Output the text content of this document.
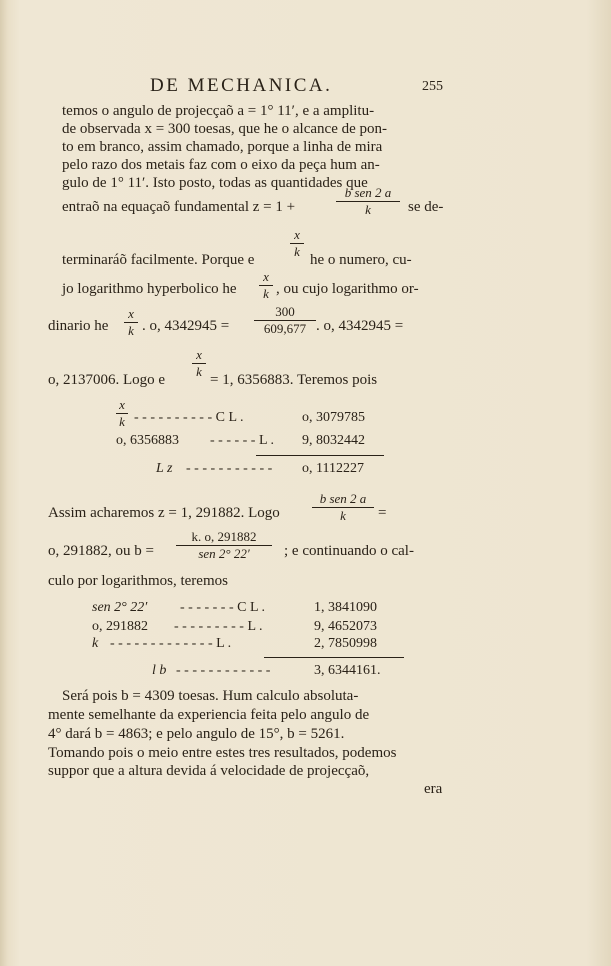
DE MECHANICA.	255
temos o angulo de projecçaõ a = 1° 11′, e a amplitu-
de observada x = 300 toesas, que he o alcance de pon-
to em branco, assim chamado, porque a linha de mira
pelo razo dos metais faz com o eixo da peça hum an-
gulo de 1° 11′. Isto posto, todas as quantidades que
entraõ na equaçaõ fundamental z = 1 +
b sen 2 a
k	se de-
x
k
terminaráõ facilmente. Porque e	he o numero, cu-
jo logarithmo hyperbolico he
x
k , ou cujo logarithmo or-
dinario he
x
k . o, 4342945 =
300
609,677 . o, 4342945 =
x
k
o, 2137006. Logo e	= 1, 6356883. Teremos pois
x
k - - - - - - - - - - C L .	o, 3079785
o, 6356883 - - - - - - L . 9, 8032442
L z - - - - - - - - - - - o, 1112227
Assim acharemos z = 1, 291882. Logo
b sen 2 a
k	=
o, 291882, ou b =
k. o, 291882
sen 2° 22′	; e continuando o cal-
culo por logarithmos, teremos
sen 2° 22′ - - - - - - - C L .	1, 3841090
o, 291882 - - - - - - - - - L .	9, 4652073
k - - - - - - - - - - - - - L .	2, 7850998
l b - - - - - - - - - - - -	3, 6344161.
Será pois b = 4309 toesas. Hum calculo absoluta-
mente semelhante da experiencia feita pelo angulo de
4° dará b = 4863; e pelo angulo de 15°, b = 5261.
Tomando pois o meio entre estes tres resultados, podemos
suppor que a altura devida á velocidade de projecçaõ,
era
